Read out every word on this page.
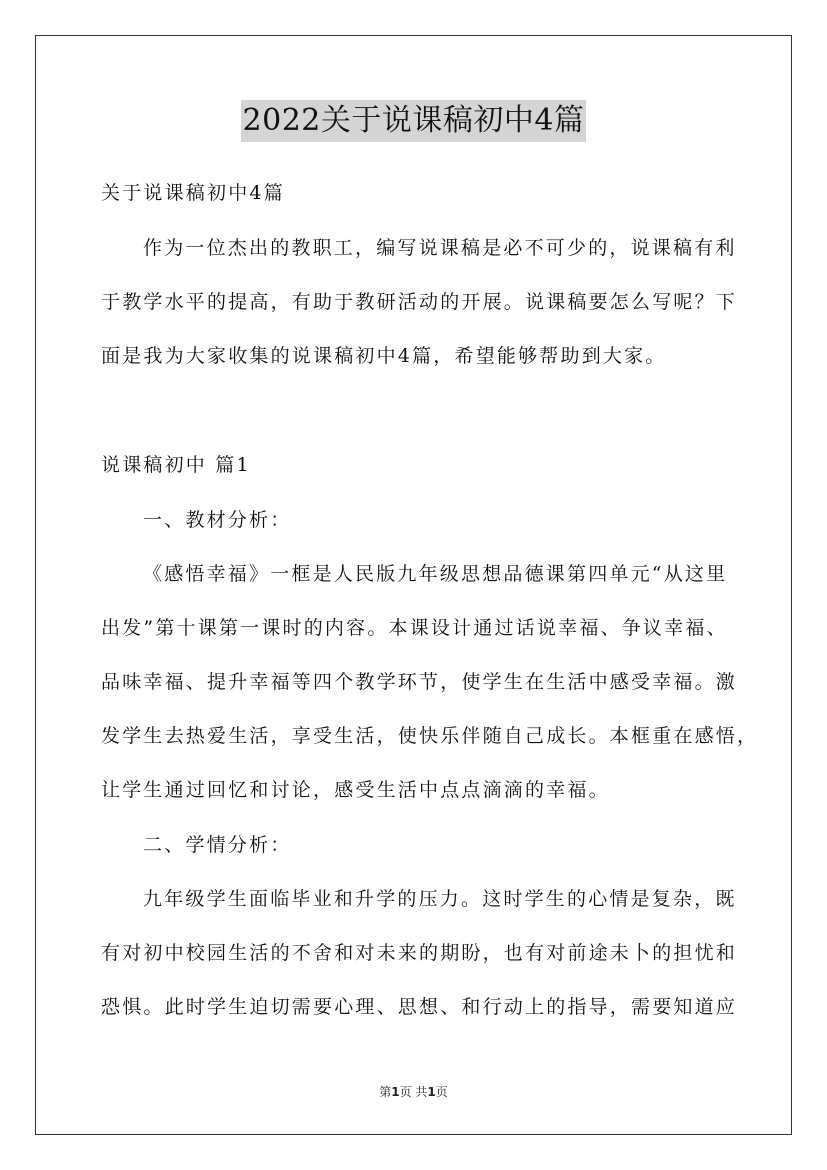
2022关于说课稿初中4篇
关于说课稿初中4篇
作为一位杰出的教职工，编写说课稿是必不可少的，说课稿有利
于教学水平的提高，有助于教研活动的开展。说课稿要怎么写呢？下
面是我为大家收集的说课稿初中4篇，希望能够帮助到大家。
说课稿初中 篇1
一、教材分析：
《感悟幸福》一框是人民版九年级思想品德课第四单元“从这里
出发”第十课第一课时的内容。本课设计通过话说幸福、争议幸福、
品味幸福、提升幸福等四个教学环节，使学生在生活中感受幸福。激
发学生去热爱生活，享受生活，使快乐伴随自己成长。本框重在感悟，
让学生通过回忆和讨论，感受生活中点点滴滴的幸福。
二、学情分析：
九年级学生面临毕业和升学的压力。这时学生的心情是复杂，既
有对初中校园生活的不舍和对未来的期盼，也有对前途未卜的担忧和
恐惧。此时学生迫切需要心理、思想、和行动上的指导，需要知道应
第1页 共1页
